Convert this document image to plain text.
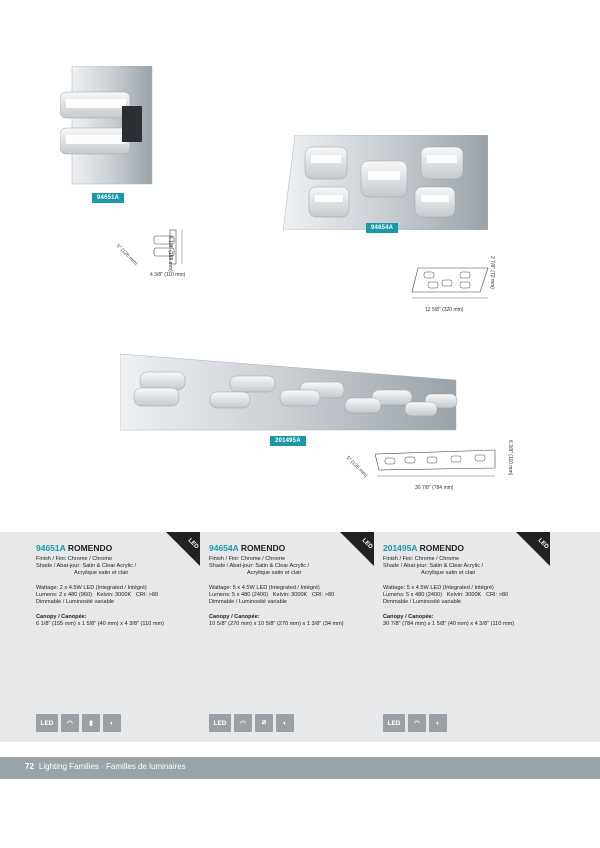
94651A
5" (126 mm)	6 1/8" (155 mm)
4 3/8" (110 mm)
94654A
2 7/8" (72 mm)
12 5/8" (320 mm)
201495A
5" (126 mm)	6 3/8" (110 mm)
30 7/8" (784 mm)
LED
94651A ROMENDO
Finish / Fini: Chrome / Chrome
Shade / Abat-jour: Satin & Clear Acrylic /
Acrylique satin et clair
Wattage: 2 x 4.5W LED (Integrated / Intégré)
Lumens: 2 x 480 (960) Kelvin: 3000K CRI: >80
Dimmable / Luminosité variable
Canopy / Canopée:
6 1/8" (155 mm) x 1 5/8" (40 mm) x 4 3/8" (110 mm)
LED	◠	▮	◐
LED
94654A ROMENDO
Finish / Fini: Chrome / Chrome
Shade / Abat-jour: Satin & Clear Acrylic /
Acrylique satin et clair
Wattage: 5 x 4.5W LED (Integrated / Intégré)
Lumens: 5 x 480 (2400) Kelvin: 3000K CRI: >80
Dimmable / Luminosité variable
Canopy / Canopée:
10 5/8" (270 mm) x 10 5/8" (270 mm) x 1 3/8" (34 mm)
LED	◠	⧄	◐
LED
201495A ROMENDO
Finish / Fini: Chrome / Chrome
Shade / Abat-jour: Satin & Clear Acrylic /
Acrylique satin et clair
Wattage: 5 x 4.5W LED (Integrated / Intégré)
Lumens: 5 x 480 (2400) Kelvin: 3000K CRI: >80
Dimmable / Luminosité variable
Canopy / Canopée:
30 7/8" (784 mm) x 1 5/8" (40 mm) x 4 3/8" (110 mm)
LED	◠	◐
72 Lighting Families · Familles de luminaires
